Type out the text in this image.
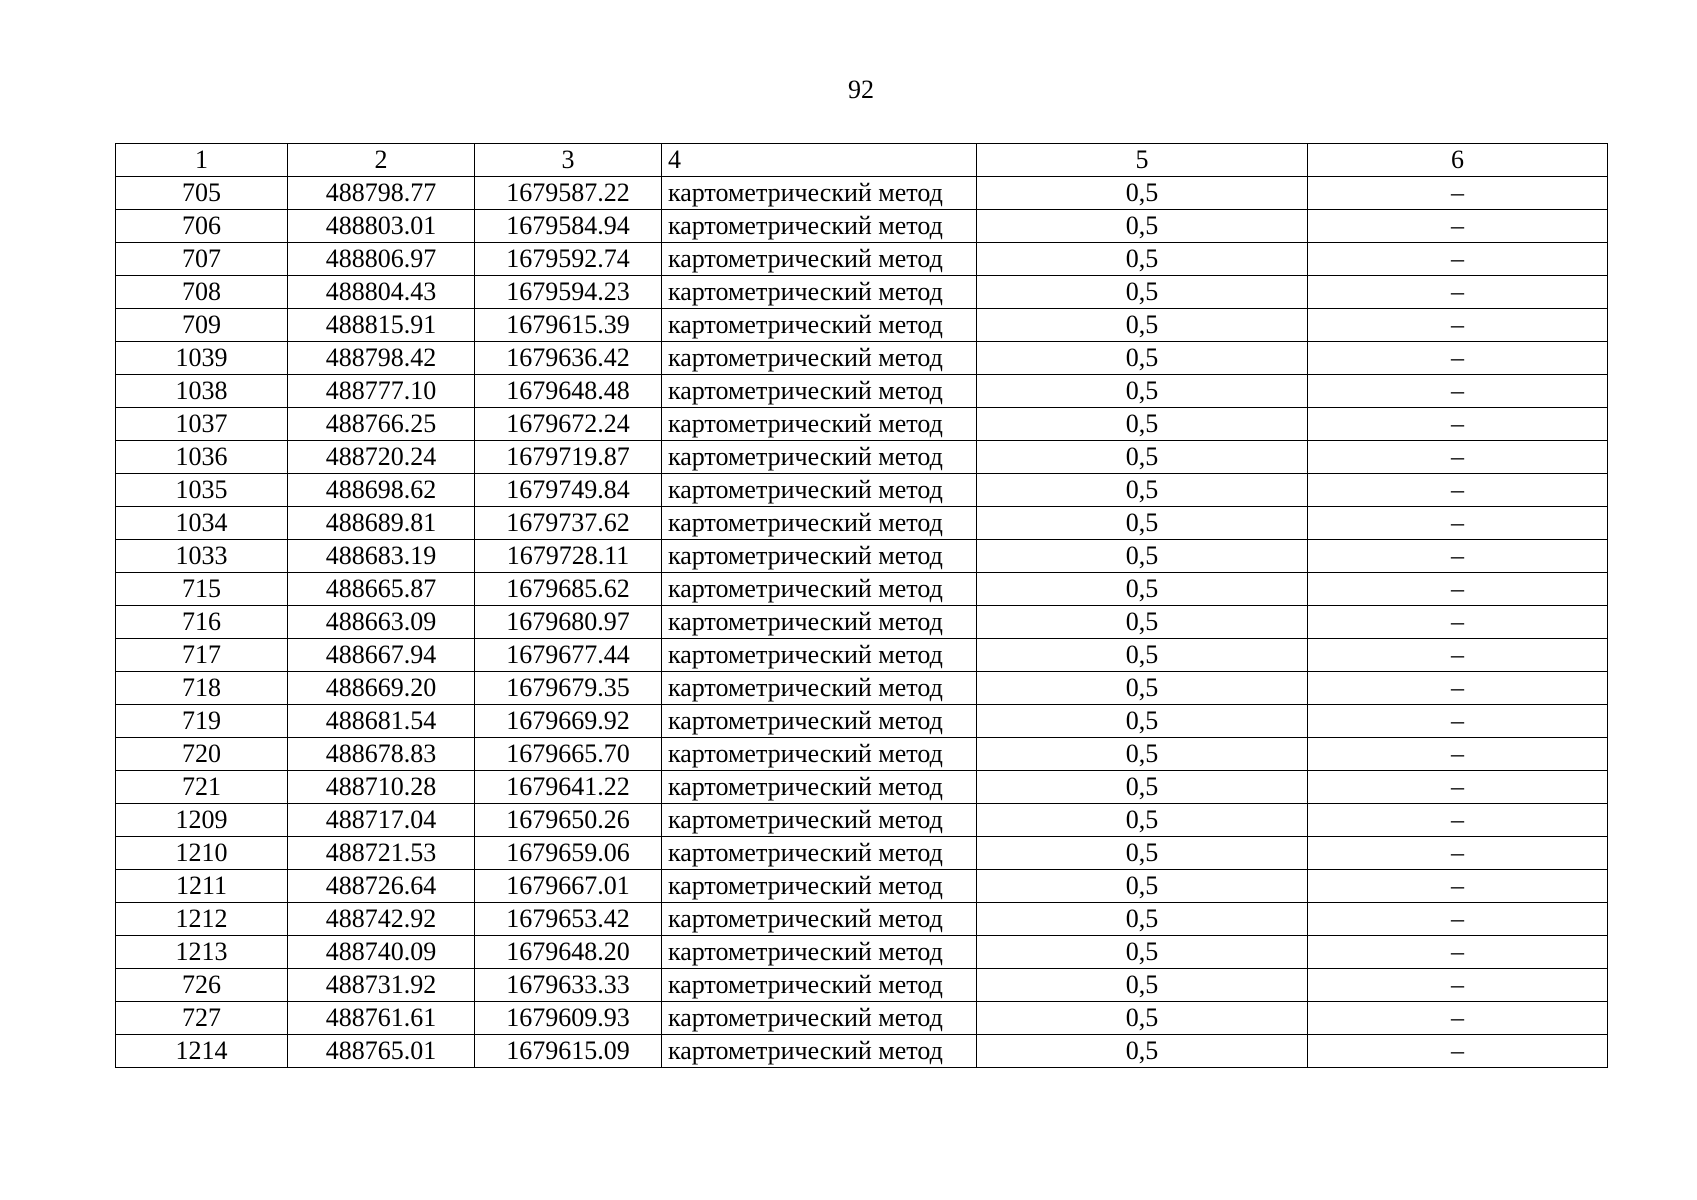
92
1	2	3	4	5	6
705	488798.77	1679587.22	картометрический метод	0,5	–
706	488803.01	1679584.94	картометрический метод	0,5	–
707	488806.97	1679592.74	картометрический метод	0,5	–
708	488804.43	1679594.23	картометрический метод	0,5	–
709	488815.91	1679615.39	картометрический метод	0,5	–
1039	488798.42	1679636.42	картометрический метод	0,5	–
1038	488777.10	1679648.48	картометрический метод	0,5	–
1037	488766.25	1679672.24	картометрический метод	0,5	–
1036	488720.24	1679719.87	картометрический метод	0,5	–
1035	488698.62	1679749.84	картометрический метод	0,5	–
1034	488689.81	1679737.62	картометрический метод	0,5	–
1033	488683.19	1679728.11	картометрический метод	0,5	–
715	488665.87	1679685.62	картометрический метод	0,5	–
716	488663.09	1679680.97	картометрический метод	0,5	–
717	488667.94	1679677.44	картометрический метод	0,5	–
718	488669.20	1679679.35	картометрический метод	0,5	–
719	488681.54	1679669.92	картометрический метод	0,5	–
720	488678.83	1679665.70	картометрический метод	0,5	–
721	488710.28	1679641.22	картометрический метод	0,5	–
1209	488717.04	1679650.26	картометрический метод	0,5	–
1210	488721.53	1679659.06	картометрический метод	0,5	–
1211	488726.64	1679667.01	картометрический метод	0,5	–
1212	488742.92	1679653.42	картометрический метод	0,5	–
1213	488740.09	1679648.20	картометрический метод	0,5	–
726	488731.92	1679633.33	картометрический метод	0,5	–
727	488761.61	1679609.93	картометрический метод	0,5	–
1214	488765.01	1679615.09	картометрический метод	0,5	–
